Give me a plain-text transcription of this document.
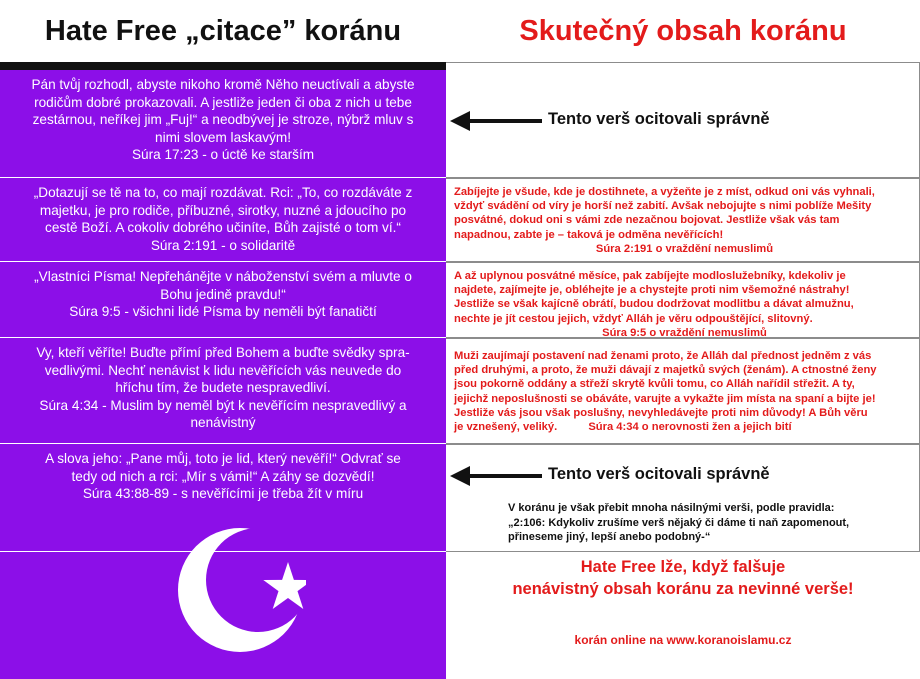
Hate Free „citace” koránu	Skutečný obsah koránu
Pán tvůj rozhodl, abyste nikoho kromě Něho neuctívali a abyste
rodičům dobré prokazovali. A jestliže jeden či oba z nich u tebe
zestárnou, neříkej jim „Fuj!“ a neodbývej je stroze, nýbrž mluv s
nimi slovem laskavým!
Súra 17:23 - o úctě ke starším
„Dotazují se tě na to, co mají rozdávat. Rci: „To, co rozdáváte z
majetku, je pro rodiče, příbuzné, sirotky, nuzné a jdoucího po
cestě Boží. A cokoliv dobrého učiníte, Bůh zajisté o tom ví.“
Súra 2:191 - o solidaritě
„Vlastníci Písma! Nepřehánějte v náboženství svém a mluvte o
Bohu jedině pravdu!“
Súra 9:5 - všichni lidé Písma by neměli být fanatičtí
Vy, kteří věříte! Buďte přímí před Bohem a buďte svědky spra-
vedlivými. Nechť nenávist k lidu nevěřících vás neuvede do
hříchu tím, že budete nespravedliví.
Súra 4:34 - Muslim by neměl být k nevěřícím nespravedlivý a
nenávistný
A slova jeho: „Pane můj, toto je lid, který nevěří!“ Odvrať se
tedy od nich a rci: „Mír s vámi!“ A záhy se dozvědí!
Súra 43:88-89 - s nevěřícími je třeba žít v míru
Zabíjejte je všude, kde je dostihnete, a vyžeňte je z míst, odkud oni vás vyhnali,
vždyť svádění od víry je horší než zabití. Avšak nebojujte s nimi poblíže Mešity
posvátné, dokud oni s vámi zde nezačnou bojovat. Jestliže však vás tam
napadnou, zabte je – taková je odměna nevěřících!
Súra 2:191 o vraždění nemuslimů
A až uplynou posvátné měsíce, pak zabíjejte modloslužebníky, kdekoliv je
najdete, zajímejte je, obléhejte je a chystejte proti nim všemožné nástrahy!
Jestliže se však kajícně obrátí, budou dodržovat modlitbu a dávat almužnu,
nechte je jít cestou jejich, vždyť Alláh je věru odpouštějící, slitovný.
Súra 9:5 o vraždění nemuslimů
Muži zaujímají postavení nad ženami proto, že Alláh dal přednost jedněm z vás
před druhými, a proto, že muži dávají z majetků svých (ženám). A ctnostné ženy
jsou pokorně oddány a střeží skrytě kvůli tomu, co Alláh nařídil střežit. A ty,
jejichž neposlušnosti se obáváte, varujte a vykažte jim místa na spaní a bijte je!
Jestliže vás jsou však poslušny, nevyhledávejte proti nim důvody! A Bůh věru
je vznešený, veliký.          Súra 4:34 o nerovnosti žen a jejich bití
Tento verš ocitovali správně
Tento verš ocitovali správně
V koránu je však přebit mnoha násilnými verši, podle pravidla:
„2:106: Kdykoliv zrušíme verš nějaký či dáme ti naň zapomenout,
přineseme jiný, lepší anebo podobný-“
Hate Free lže, když falšuje
nenávistný obsah koránu za nevinné verše!
korán online na www.koranoislamu.cz
